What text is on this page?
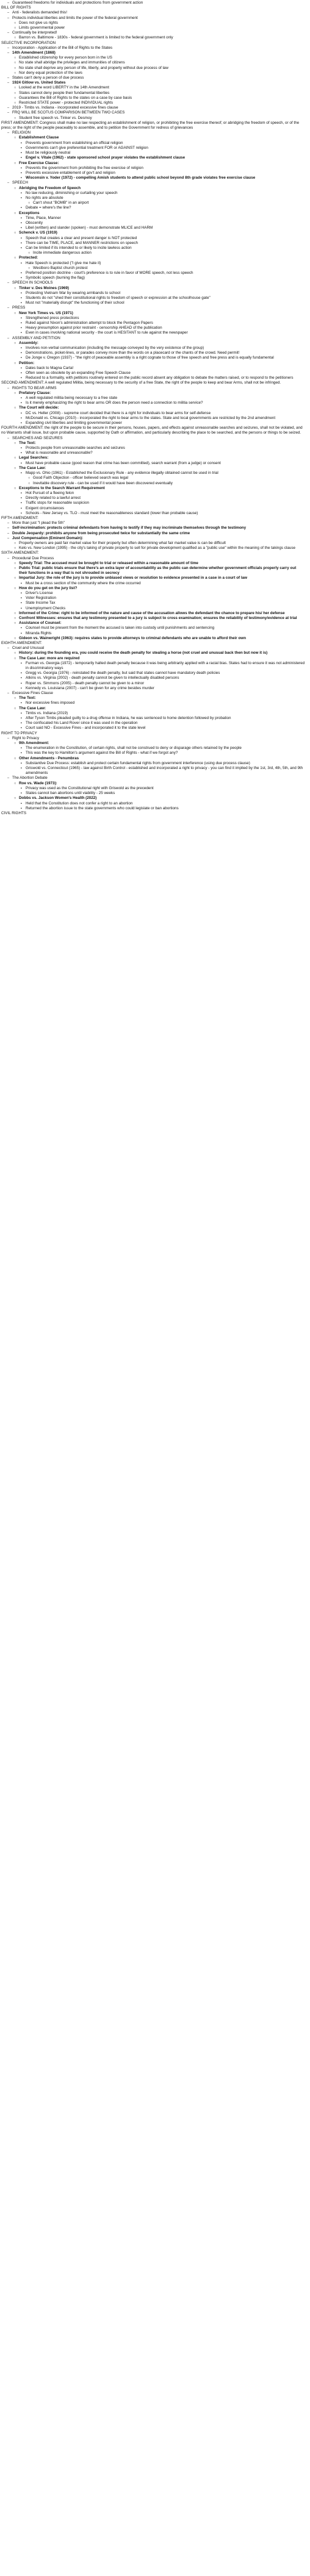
– Guaranteed freedoms for individuals and protections from government action
BILL OF RIGHTS
– Anti - federalists demanded this!
– Protects individual liberties and limits the power of the federal government
○ Does not give us rights
○ Limits governmental power
– Continually be interpreted!
○ Barron vs. Baltimore - 1830s - federal government is limited to the federal government only
SELECTIVE INCORPORATION
– Incorporation - Application of the Bill of Rights to the States
– 14th Amendment (1868)
○ Established citizenship for every person born in the US
○ No state shall abridge the privileges and immunities of citizens
○ No state shall deprive any person of life, liberty, and property without due process of law
○ Nor deny equal protection of the laws
– States can't deny a person of due process
– 1924 Gitlow vs. United States
○ Looked at the word LIBERTY in the 14th Amendment
○ States cannot deny people their fundamental liberties
○ Guarantees the Bill of Rights to the states on a case by case basis
○ Restricted STATE power - protected INDIVIDUAL rights
– 2019 - Timbs vs. Indiana - incorporated excessive fines clause
– FRQ WILL BE SCOTUS COMPARISON BETWEEN TWO CASES
○ Student free speech vs. Tinker vs. Desmoy
FIRST AMENDMENT: Congress shall make no law respecting an establishment of religion, or prohibiting the free exercise thereof; or abridging the freedom of speech, or of the press; or the right of the people peaceably to assemble, and to petition the Government for redress of grievances
– RELIGION
○ Establishment Clause
▪ Prevents government from establishing an official religion
▪ Governments can't give preferential treatment FOR or AGAINST religion
▪ Must be religiously neutral
▪ Engel v. Vitale (1962) - state sponsored school prayer violates the establishment clause
○ Free Exercise Clause:
▪ Prevents the government from prohibiting the free exercise of religion
▪ Prevents excessive entablement of gov't and religion
▪ Wisconsin v. Yoder (1972) - compelling Amish students to attend public school beyond 8th grade violates free exercise clause
– SPEECH
○ Abridging the Freedom of Speech
▪ No law reducing, diminishing or curtailing your speech
▪ No rights are absolute
○ Can't shout "BOMB" in an airport
▪ Debate = where's the line?
○ Exceptions
▪ Time, Place, Manner
▪ Obscenity
▪ Libel (written) and slander (spoken) - must demonstrate MLICE and HARM
○ Schenck v. US (1919)
▪ Speech that creates a clear and present danger is NOT protected
▪ There can be TIME, PLACE, and MANNER restrictions on speech
▪ Can be limited if its intended to or likely to incite lawless action
○ Incite immediate dangerous action
○ Protected:
▪ Hate Speech is protected ("I give me hate it)
○ Westboro Baptist church protest
▪ Preferred position doctrine - court's preference is to rule in favor of MORE speech, not less speech
▪ Symbolic speech (burning the flag)
– SPEECH IN SCHOOLS
○ Tinker v. Des Moines (1969)
▪ Protesting Vietnam War by wearing armbands to school
▪ Students do not "shed their constitutional rights to freedom of speech or expression at the schoolhouse gate"
▪ Must not "materially disrupt" the functioning of their school
– PRESS
○ New York Times vs. US (1971)
▪ Strengthened press protections
▪ Ruled against Nixon's administration attempt to block the Pentagon Papers
▪ Heavy presumption against prior restraint - censorship AHEAD of the publication
▪ Even in cases involving national security - the court is HESITANT to rule against the newspaper
– ASSEMBLY AND PETITION
○ Assembly:
▪ Involves non-verbal communication (including the message conveyed by the very existence of the group)
▪ Demonstrations, picket-lines, or parades convey more than the words on a placecard or the chants of the crowd. Need permit!
▪ De Jonge v. Oregon (1937) - "the right of peaceable assembly is a right cognate to those of free speech and free press and is equally fundamental
○ Petition:
▪ Dates back to Magna Carta!
▪ Often seen as obsolete by an expanding Free Speech Clause
▪ Reduced to a formality, with petitions routinely entered on the public record absent any obligation to debate the matters raised, or to respond to the petitioners
SECOND AMENDMENT: A well regulated Militia, being necessary to the security of a free State, the right of the people to keep and bear Arms, shall not be infringed.
– RIGHTS TO BEAR ARMS
○ Prefatory Clause:
▪ A well regulated militia being necessary to a free state
▪ Is it merely emphasizing the right to bear arms OR does the person need a connection to militia service?
○ The Court will decide:
▪ DC vs. Heller (2008) - supreme court decided that there is a right for individuals to bear arms for self-defense
▪ McDonald vs. Chicago (2010) - incorporated the right to bear arms to the states. State and local governments are restricted by the 2nd amendment
▪ Expanding civil liberties and limiting governmental power
FOURTH AMENDMENT: the right of the people to be secure in their persons, houses, papers, and effects against unreasonable searches and seizures, shall not be violated, and no Warrants shall issue, but upon probable cause, supported by Oath or affirmation, and particularly describing the place to be searched, and the persons or things to be seized.
– SEARCHES AND SEIZURES
○ The Text:
▪ Protects people from unreasonable searches and seizures
▪ What is reasonable and unreasonable?
○ Legal Searches:
▪ Must have probable cause (good reason that crime has been committed), search warrant (from a judge) or consent
○ The Case Law:
▪ Mapp vs. Ohio (1961) - Established the Exclusionary Rule - any evidence illegally obtained cannot be used in trial
○ Good Faith Objection - officer believed search was legal
○ Inevitable discovery rule - can be used if it would have been discovered eventually
○ Exceptions to the Search Warrant Requirement
▪ Hot Pursuit of a fleeing felon
▪ Directly related to a lawful arrest
▪ Traffic stops for reasonable suspicion
▪ Exigent circumstances
▪ Schools - New Jersey vs. TLO - must meet the reasonableness standard (lower than probable cause)
FIFTH AMENDMENT:
– More than just "I plead the 5th"
– Self-incrimination: protects criminal defendants from having to testify if they may incriminate themselves through the testimony
– Double Jeopardy: prohibits anyone from being prosecuted twice for substantially the same crime
– Just Compensation (Eminent Domain):
○ Property owners are paid fair market value for their property but often determining what fair market value is can be difficult
○ Kelo vs. New London (1995) - the city's taking of private property to sell for private development qualified as a "public use" within the meaning of the takings clause
SIXTH AMENDMENT:
– Procedural Due Process
○ Speedy Trial: The accused must be brought to trial or released within a reasonable amount of time
○ Public Trial: public trials ensure that there's an extra layer of accountability as the public can determine whether government officials properly carry out their functions in a way that is not shrouded in secrecy
○ Impartial Jury: the role of the jury is to provide unbiased views or resolution to evidence presented in a case in a court of law
▪ Must be a cross section of the community where the crime occurred
○ How do you get on the jury list?
▪ Driver's License
▪ Voter Registration
▪ State Income Tax
▪ Unemployment Checks
○ Informed of the Crime: right to be informed of the nature and cause of the accusation allows the defendant the chance to prepare his/ her defense
○ Confront Witnesses: ensures that any testimony presented to a jury is subject to cross examination; ensures the reliability of testimony/evidence at trial
○ Assistance of Counsel:
▪ Counsel must be present from the moment the accused is taken into custody until punishments and sentencing
▪ Miranda Rights
○ Gideon vs. Wainwright (1963): requires states to provide attorneys to criminal defendants who are unable to afford their own
EIGHTH AMENDMENT:
– Cruel and Unusual
○ History: during the founding era, you could receive the death penalty for stealing a horse (not cruel and unusual back then but now it is)
○ The Case Law: more are required
▪ Furman vs. Georgia (1972) - temporarily halted death penalty because it was being arbitrarily applied with a racial bias. States had to ensure it was not administered in discriminatory ways
▪ Gregg vs. Georgia (1976) - reinstated the death penalty, but said that states cannot have mandatory death policies
▪ Atkins vs. Virginia (2002) - death penalty cannot be given to intellectually disabled persons
▪ Roper vs. Simmons (2005) - death penalty cannot be given to a minor
▪ Kennedy vs. Louisiana (2007) - can't be given for any crime besides murder
– Excessive Fines Clause
○ The Text:
▪ Nor excessive fines imposed
○ The Case Law:
▪ Timbs vs. Indiana (2019)
▪ After Tyson Timbs pleaded guilty to a drug offense in Indiana, he was sentenced to home detention followed by probation
▪ The confiscated his Land Rover since it was used in the operation
▪ Court said NO - Excessive Fines - and incorporated it to the state level
RIGHT TO PRIVACY
– Right to Privacy
○ 9th Amendment:
▪ The enumeration in the Constitution, of certain rights, shall not be construed to deny or disparage others retained by the people
▪ This was the key to Hamilton's argument against the Bill of Rights - what if we forgot any?
○ Other Amendments - Penumbras
▪ Substantive Due Process: establish and protect certain fundamental rights from government interference (using due process clause)
▪ Griswold vs. Connecticut (1965) - law against Birth Control - established and incorporated a right to privacy - you can find it implied by the 1st, 3rd, 4th, 5th, and 9th amendments
– The Abortion Debate
○ Roe vs. Wade (1973):
▪ Privacy was used as the Constitutional right with Griswold as the precedent
▪ States cannot ban abortions until viability - 25 weeks
○ Dobbs vs. Jackson Women's Health (2022)
▪ Held that the Constitution does not confer a right to an abortion
▪ Returned the abortion issue to the state governments who could legislate or ban abortions
CIVIL RIGHTS
